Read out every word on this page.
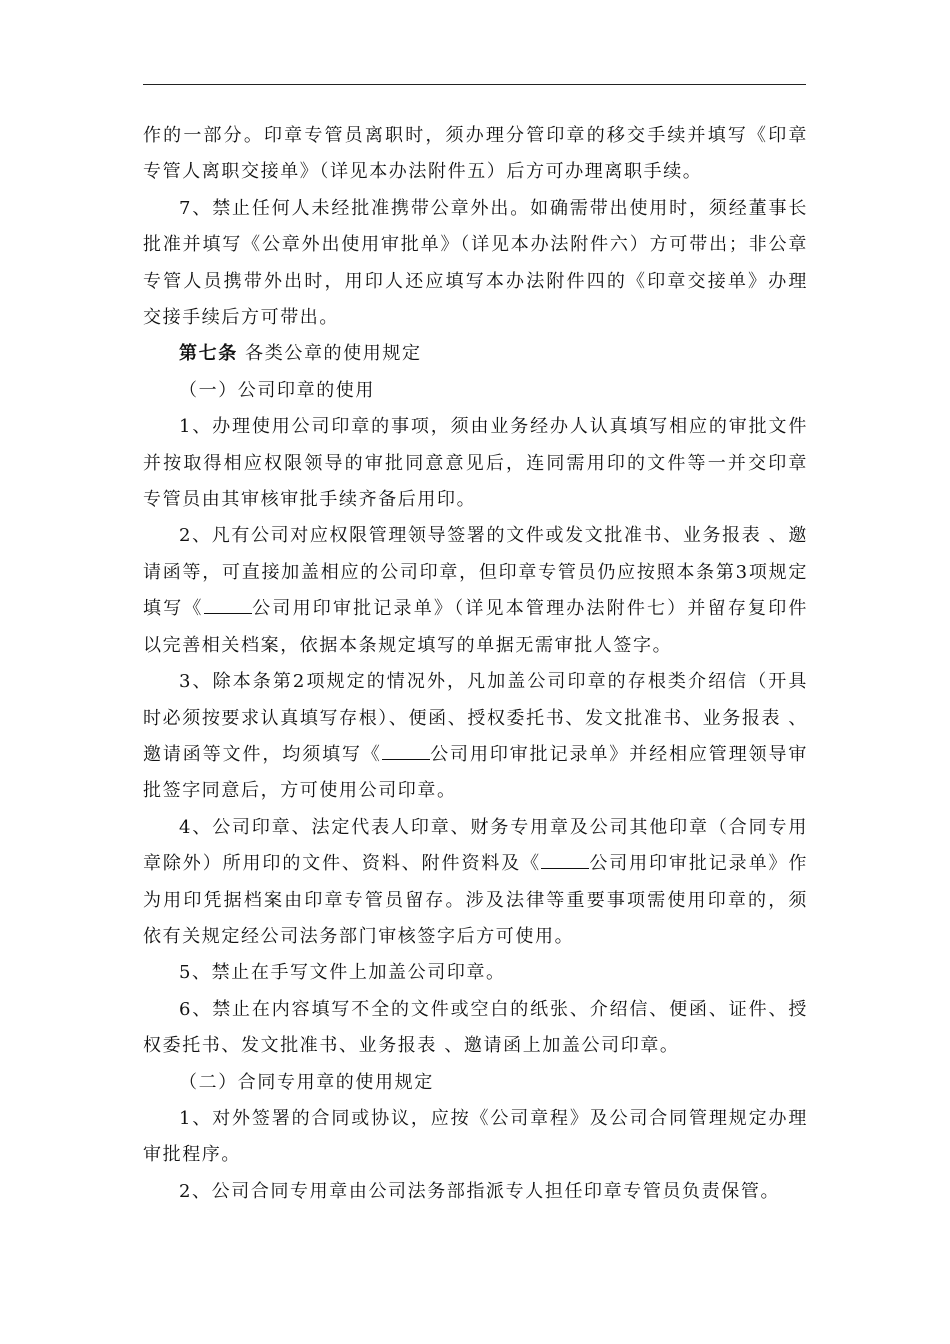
作的一部分。印章专管员离职时，须办理分管印章的移交手续并填写《印章专管人离职交接单》（详见本办法附件五）后方可办理离职手续。

7、禁止任何人未经批准携带公章外出。如确需带出使用时，须经董事长批准并填写《公章外出使用审批单》（详见本办法附件六）方可带出；非公章专管人员携带外出时，用印人还应填写本办法附件四的《印章交接单》办理交接手续后方可带出。

第七条 各类公章的使用规定

（一）公司印章的使用

1、办理使用公司印章的事项，须由业务经办人认真填写相应的审批文件并按取得相应权限领导的审批同意意见后，连同需用印的文件等一并交印章专管员由其审核审批手续齐备后用印。

2、凡有公司对应权限管理领导签署的文件或发文批准书、业务报表 、邀请函等，可直接加盖相应的公司印章，但印章专管员仍应按照本条第3项规定填写《	公司用印审批记录单》（详见本管理办法附件七）并留存复印件以完善相关档案，依据本条规定填写的单据无需审批人签字。

3、除本条第2项规定的情况外，凡加盖公司印章的存根类介绍信（开具时必须按要求认真填写存根）、便函、授权委托书、发文批准书、业务报表 、邀请函等文件，均须填写《	公司用印审批记录单》并经相应管理领导审批签字同意后，方可使用公司印章。

4、公司印章、法定代表人印章、财务专用章及公司其他印章（合同专用章除外）所用印的文件、资料、附件资料及《	公司用印审批记录单》作为用印凭据档案由印章专管员留存。涉及法律等重要事项需使用印章的，须依有关规定经公司法务部门审核签字后方可使用。

5、禁止在手写文件上加盖公司印章。

6、禁止在内容填写不全的文件或空白的纸张、介绍信、便函、证件、授权委托书、发文批准书、业务报表 、邀请函上加盖公司印章。

（二）合同专用章的使用规定

1、对外签署的合同或协议，应按《公司章程》及公司合同管理规定办理审批程序。

2、公司合同专用章由公司法务部指派专人担任印章专管员负责保管。
